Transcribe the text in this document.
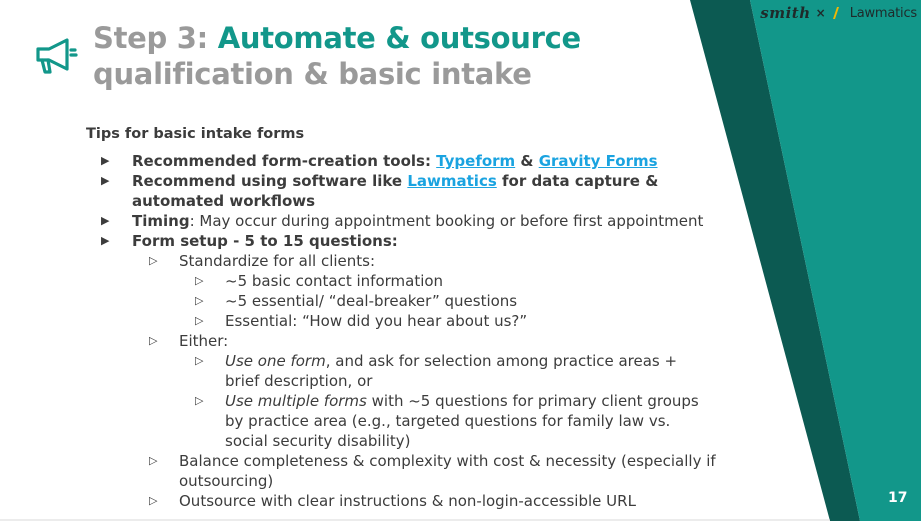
Step 3: Automate & outsource
qualification & basic intake
smith × Lawmatics
Tips for basic intake forms
▶ Recommended form-creation tools: Typeform & Gravity Forms
▶ Recommend using software like Lawmatics for data capture & automated workflows
▶ Timing: May occur during appointment booking or before first appointment
▶ Form setup - 5 to 15 questions:
▷ Standardize for all clients:
▷ ~5 basic contact information
▷ ~5 essential/ “deal-breaker” questions
▷ Essential: “How did you hear about us?”
▷ Either:
▷ Use one form, and ask for selection among practice areas + brief description, or
▷ Use multiple forms with ~5 questions for primary client groups by practice area (e.g., targeted questions for family law vs. social security disability)
▷ Balance completeness & complexity with cost & necessity (especially if outsourcing)
▷ Outsource with clear instructions & non-login-accessible URL	17
